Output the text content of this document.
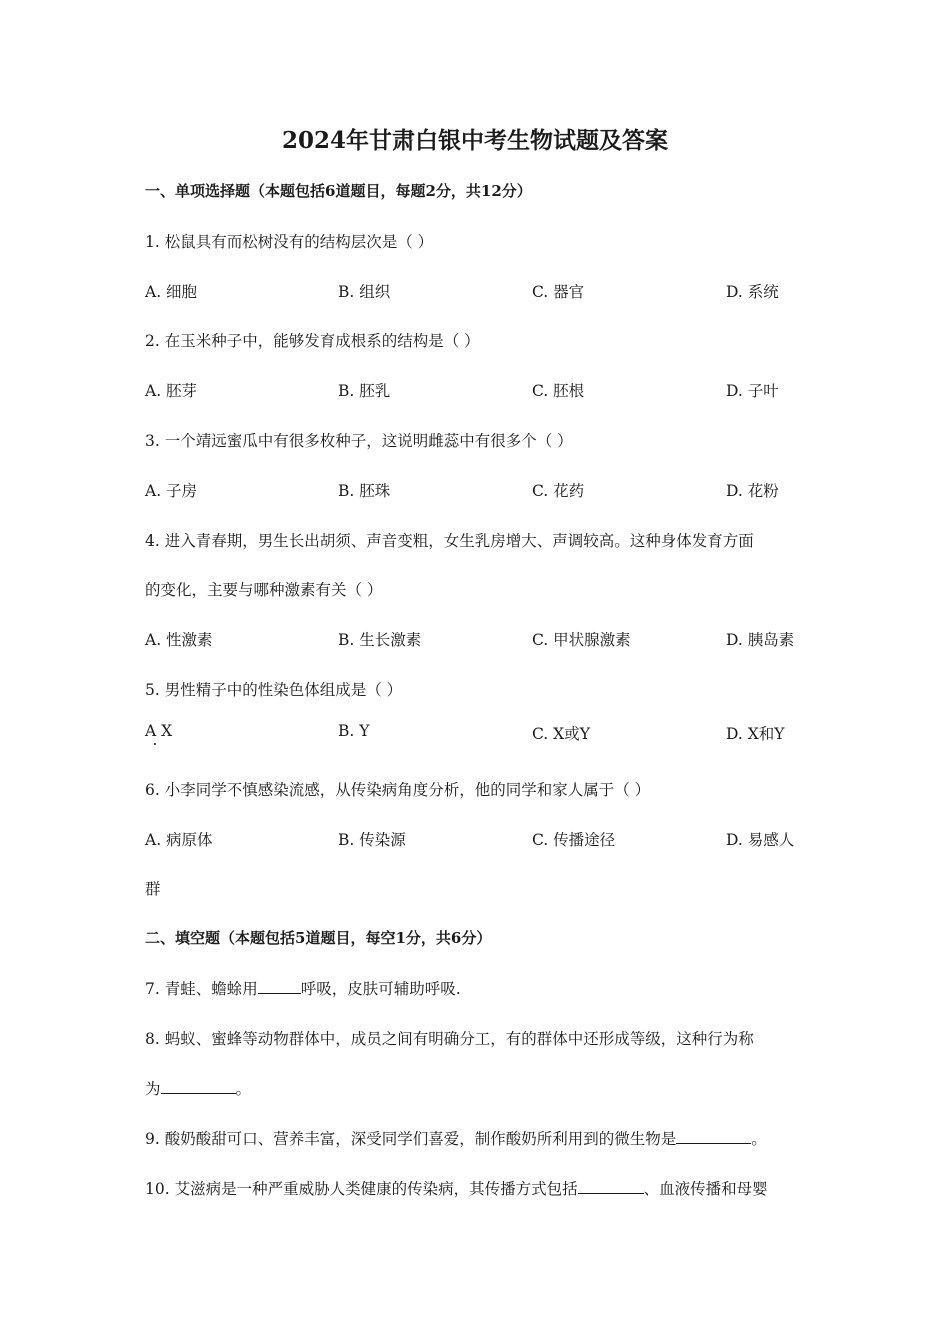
2024年甘肃白银中考生物试题及答案
一、单项选择题（本题包括6道题目，每题2分，共12分）
1. 松鼠具有而松树没有的结构层次是（ ）
A. 细胞	B. 组织	C. 器官	D. 系统
2. 在玉米种子中，能够发育成根系的结构是（ ）
A. 胚芽	B. 胚乳	C. 胚根	D. 子叶
3. 一个靖远蜜瓜中有很多枚种子，这说明雌蕊中有很多个（ ）
A. 子房	B. 胚珠	C. 花药	D. 花粉
4. 进入青春期，男生长出胡须、声音变粗，女生乳房增大、声调较高。这种身体发育方面
的变化，主要与哪种激素有关（ ）
A. 性激素	B. 生长激素	C. 甲状腺激素	D. 胰岛素
5. 男性精子中的性染色体组成是（ ）
A X	B. Y	C. X或Y	D. X和Y
6. 小李同学不慎感染流感，从传染病角度分析，他的同学和家人属于（ ）
A. 病原体	B. 传染源	C. 传播途径	D. 易感人
群
二、填空题（本题包括5道题目，每空1分，共6分）
7. 青蛙、蟾蜍用	呼吸，皮肤可辅助呼吸.
8. 蚂蚁、蜜蜂等动物群体中，成员之间有明确分工，有的群体中还形成等级，这种行为称
为	。
9. 酸奶酸甜可口、营养丰富，深受同学们喜爱，制作酸奶所利用到的微生物是	。
10. 艾滋病是一种严重威胁人类健康的传染病，其传播方式包括	、血液传播和母婴
